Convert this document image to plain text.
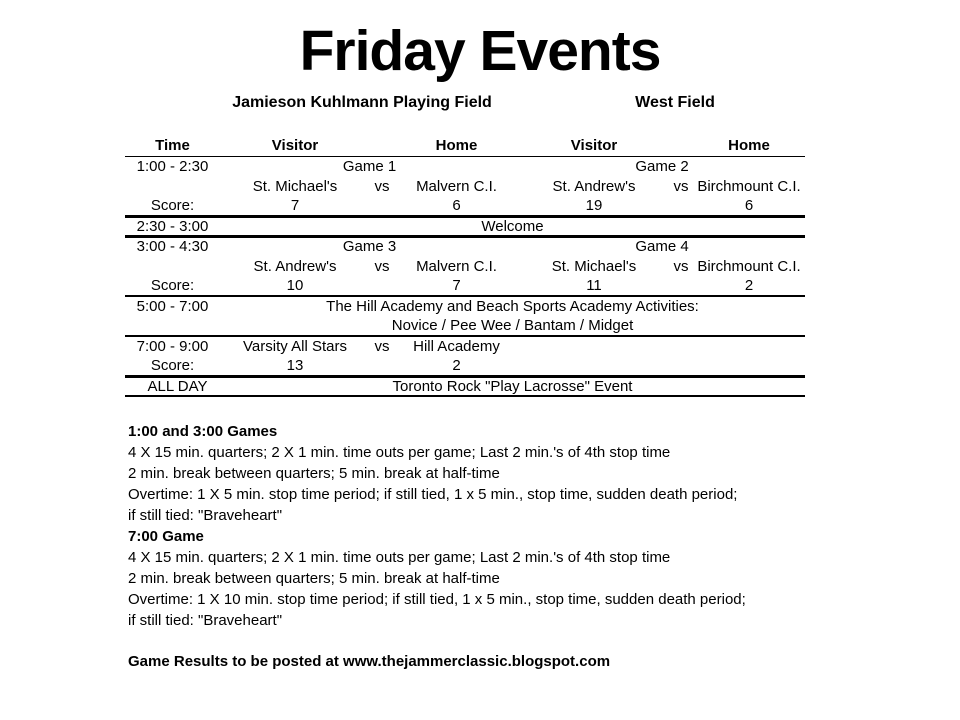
Friday Events
Jamieson Kuhlmann Playing Field	West Field
Time	Visitor		Home	Visitor		Home
1:00 - 2:30	Game 1			Game 2		
	St. Michael's	vs	Malvern C.I.	St. Andrew's	vs	Birchmount C.I.
Score:	7		6	19		6
2:30 - 3:00	Welcome					
3:00 - 4:30	Game 3			Game 4		
	St. Andrew's	vs	Malvern C.I.	St. Michael's	vs	Birchmount C.I.
Score:	10		7	11		2
5:00 - 7:00	The Hill Academy and Beach Sports Academy Activities:					
	Novice / Pee Wee / Bantam / Midget					
7:00 - 9:00	Varsity All Stars	vs	Hill Academy			
Score:	13		2			
ALL DAY	Toronto Rock "Play Lacrosse" Event					
1:00 and 3:00 Games
4 X 15 min. quarters; 2 X 1 min. time outs per game; Last 2 min.'s of 4th stop time
2 min. break between quarters; 5 min. break at half-time
Overtime: 1 X 5 min. stop time period; if still tied, 1 x 5 min., stop time, sudden death period;
if still tied: "Braveheart"
7:00 Game
4 X 15 min. quarters; 2 X 1 min. time outs per game; Last 2 min.'s of 4th stop time
2 min. break between quarters; 5 min. break at half-time
Overtime: 1 X 10 min. stop time period; if still tied, 1 x 5 min., stop time, sudden death period;
if still tied: "Braveheart"
Game Results to be posted at www.thejammerclassic.blogspot.com
